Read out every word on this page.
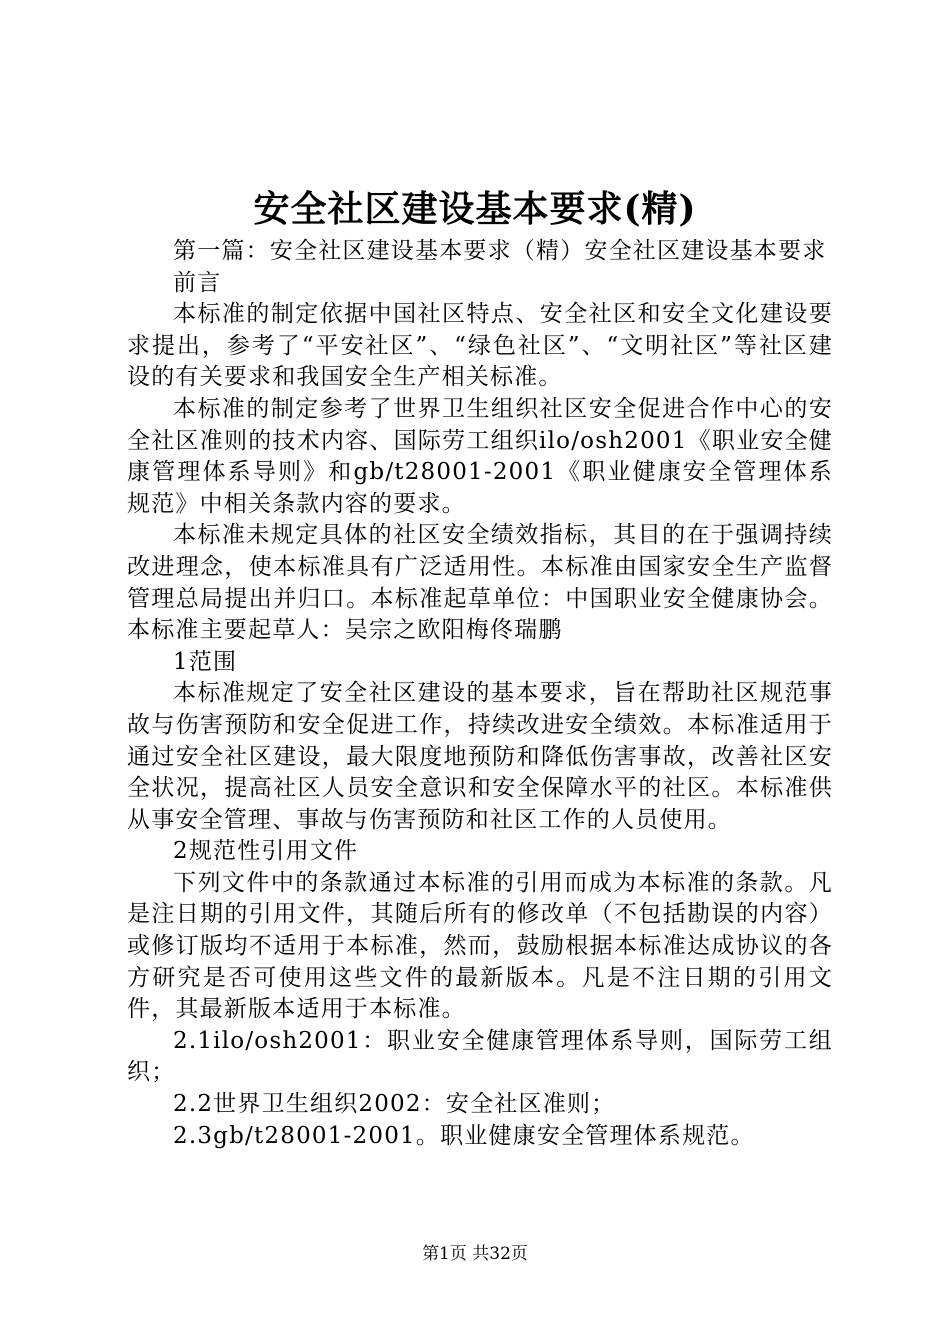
安全社区建设基本要求(精)

第一篇：安全社区建设基本要求（精）安全社区建设基本要求

前言

本标准的制定依据中国社区特点、安全社区和安全文化建设要求提出，参考了“平安社区”、“绿色社区”、“文明社区”等社区建设的有关要求和我国安全生产相关标准。

本标准的制定参考了世界卫生组织社区安全促进合作中心的安全社区准则的技术内容、国际劳工组织ilo/osh2001《职业安全健康管理体系导则》和gb/t28001-2001《职业健康安全管理体系规范》中相关条款内容的要求。

本标准未规定具体的社区安全绩效指标，其目的在于强调持续改进理念，使本标准具有广泛适用性。本标准由国家安全生产监督管理总局提出并归口。本标准起草单位：中国职业安全健康协会。本标准主要起草人：吴宗之欧阳梅佟瑞鹏

1范围

本标准规定了安全社区建设的基本要求，旨在帮助社区规范事故与伤害预防和安全促进工作，持续改进安全绩效。本标准适用于通过安全社区建设，最大限度地预防和降低伤害事故，改善社区安全状况，提高社区人员安全意识和安全保障水平的社区。本标准供从事安全管理、事故与伤害预防和社区工作的人员使用。

2规范性引用文件

下列文件中的条款通过本标准的引用而成为本标准的条款。凡是注日期的引用文件，其随后所有的修改单（不包括勘误的内容）或修订版均不适用于本标准，然而，鼓励根据本标准达成协议的各方研究是否可使用这些文件的最新版本。凡是不注日期的引用文件，其最新版本适用于本标准。

2.1ilo/osh2001：职业安全健康管理体系导则，国际劳工组织；

2.2世界卫生组织2002：安全社区准则；

2.3gb/t28001-2001。职业健康安全管理体系规范。

第1页 共32页
